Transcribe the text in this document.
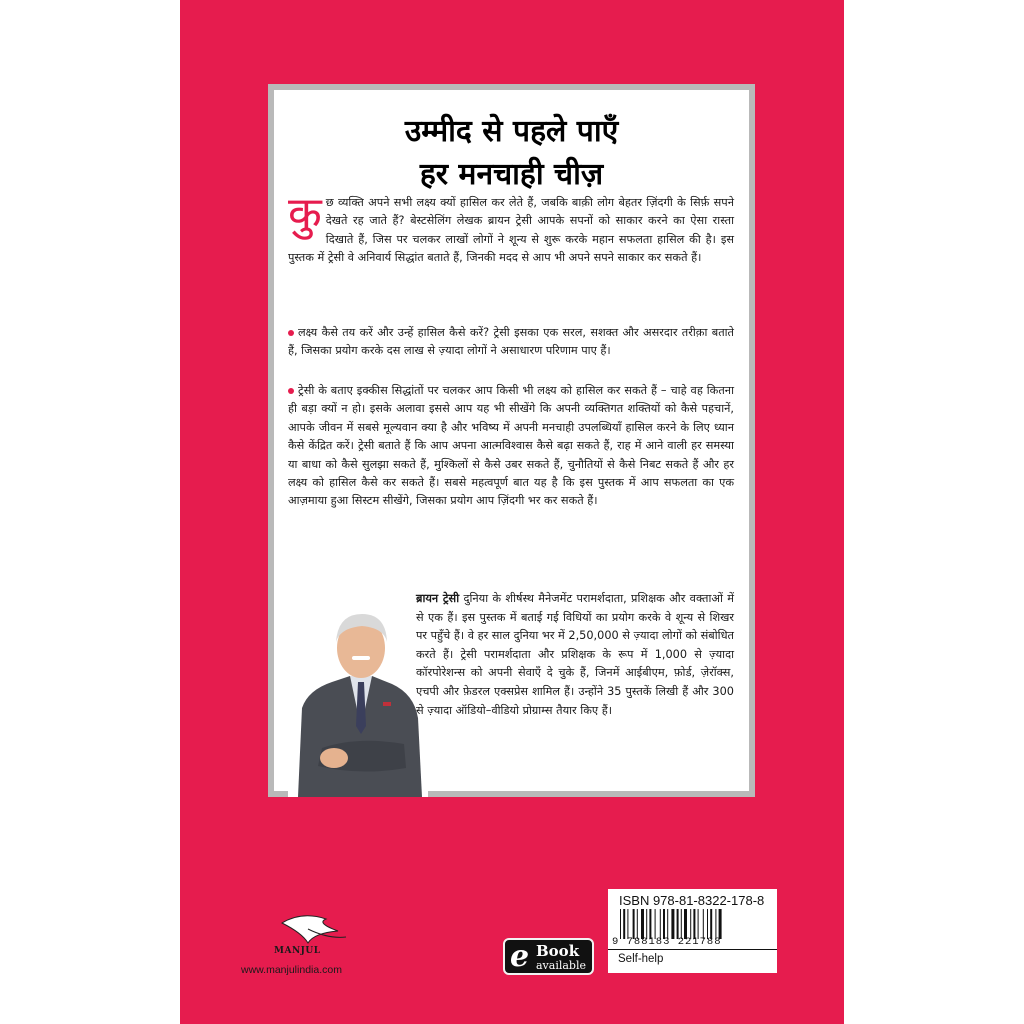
उम्मीद से पहले पाएँ
हर मनचाही चीज़
कु छ व्यक्ति अपने सभी लक्ष्य क्यों हासिल कर लेते हैं, जबकि बाक़ी लोग बेहतर ज़िंदगी के सिर्फ़ सपने देखते रह जाते हैं? बेस्टसेलिंग लेखक ब्रायन ट्रेसी आपके सपनों को साकार करने का ऐसा रास्ता दिखाते हैं, जिस पर चलकर लाखों लोगों ने शून्य से शुरू करके महान सफलता हासिल की है। इस पुस्तक में ट्रेसी वे अनिवार्य सिद्धांत बताते हैं, जिनकी मदद से आप भी अपने सपने साकार कर सकते हैं।
लक्ष्य कैसे तय करें और उन्हें हासिल कैसे करें? ट्रेसी इसका एक सरल, सशक्त और असरदार तरीक़ा बताते हैं, जिसका प्रयोग करके दस लाख से ज़्यादा लोगों ने असाधारण परिणाम पाए हैं।
ट्रेसी के बताए इक्कीस सिद्धांतों पर चलकर आप किसी भी लक्ष्य को हासिल कर सकते हैं – चाहे वह कितना ही बड़ा क्यों न हो। इसके अलावा इससे आप यह भी सीखेंगे कि अपनी व्यक्तिगत शक्तियों को कैसे पहचानें, आपके जीवन में सबसे मूल्यवान क्या है और भविष्य में अपनी मनचाही उपलब्धियाँ हासिल करने के लिए ध्यान कैसे केंद्रित करें। ट्रेसी बताते हैं कि आप अपना आत्मविश्वास कैसे बढ़ा सकते हैं, राह में आने वाली हर समस्या या बाधा को कैसे सुलझा सकते हैं, मुश्किलों से कैसे उबर सकते हैं, चुनौतियों से कैसे निबट सकते हैं और हर लक्ष्य को हासिल कैसे कर सकते हैं। सबसे महत्वपूर्ण बात यह है कि इस पुस्तक में आप सफलता का एक आज़माया हुआ सिस्टम सीखेंगे, जिसका प्रयोग आप ज़िंदगी भर कर सकते हैं।
ब्रायन ट्रेसी दुनिया के शीर्षस्थ मैनेजमेंट परामर्शदाता, प्रशिक्षक और वक्ताओं में से एक हैं। इस पुस्तक में बताई गई विधियों का प्रयोग करके वे शून्य से शिखर पर पहुँचे हैं। वे हर साल दुनिया भर में 2,50,000 से ज़्यादा लोगों को संबोधित करते हैं। ट्रेसी परामर्शदाता और प्रशिक्षक के रूप में 1,000 से ज़्यादा कॉरपोरेशन्स को अपनी सेवाएँ दे चुके हैं, जिनमें आईबीएम, फ़ोर्ड, ज़ेरॉक्स, एचपी और फ़ेडरल एक्सप्रेस शामिल हैं। उन्होंने 35 पुस्तकें लिखी हैं और 300 से ज़्यादा ऑडियो–वीडियो प्रोग्राम्स तैयार किए हैं।
MANJUL
www.manjulindia.com	e Book
available
ISBN 978-81-8322-178-8
9 788183 221788
Self-help
